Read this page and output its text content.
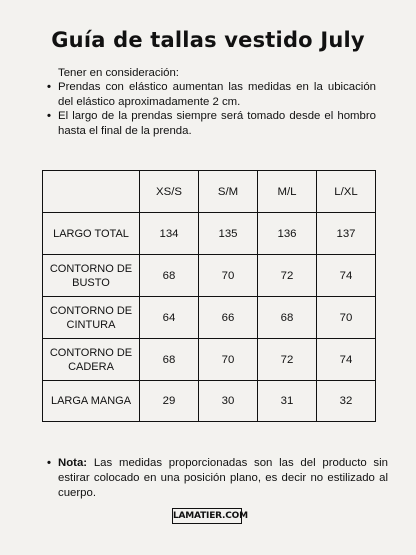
Guía de tallas vestido July
Tener en consideración:
• Prendas con elástico aumentan las medidas en la ubicación del elástico aproximadamente 2 cm.
• El largo de la prendas siempre será tomado desde el hombro hasta el final de la prenda.
	XS/S	S/M	M/L	L/XL
LARGO TOTAL	134	135	136	137
CONTORNO DE BUSTO	68	70	72	74
CONTORNO DE CINTURA	64	66	68	70
CONTORNO DE CADERA	68	70	72	74
LARGA MANGA	29	30	31	32
• Nota: Las medidas proporcionadas son las del producto sin estirar colocado en una posición plano, es decir no estilizado al cuerpo.
LAMATIER.COM
